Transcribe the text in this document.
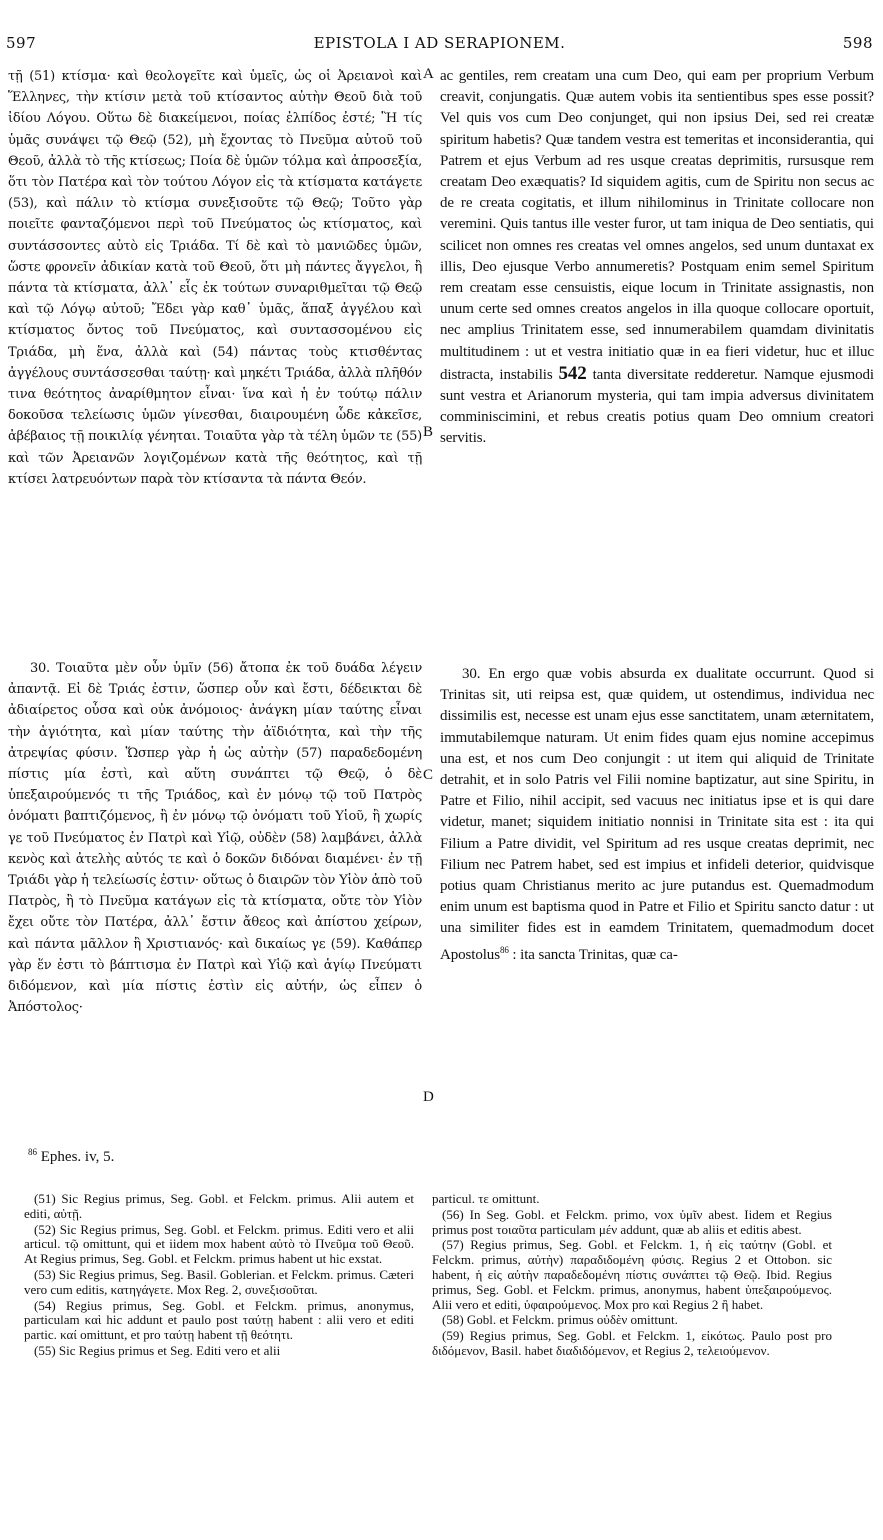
597	EPISTOLA I AD SERAPIONEM.	598

τῇ (51) κτίσμα· καὶ θεολογεῖτε καὶ ὑμεῖς, ὡς οἱ Ἀρειανοὶ καὶ Ἕλληνες, τὴν κτίσιν μετὰ τοῦ κτίσαντος αὐτὴν Θεοῦ διὰ τοῦ ἰδίου Λόγου. Οὕτω δὲ διακείμενοι, ποίας ἐλπίδος ἐστέ; Ἢ τίς ὑμᾶς συνάψει τῷ Θεῷ (52), μὴ ἔχοντας τὸ Πνεῦμα αὐτοῦ τοῦ Θεοῦ, ἀλλὰ τὸ τῆς κτίσεως; Ποία δὲ ὑμῶν τόλμα καὶ ἀπροσεξία, ὅτι τὸν Πατέρα καὶ τὸν τούτου Λόγον εἰς τὰ κτίσματα κατάγετε (53), καὶ πάλιν τὸ κτίσμα συνεξισοῦτε τῷ Θεῷ; Τοῦτο γὰρ ποιεῖτε φανταζόμενοι περὶ τοῦ Πνεύματος ὡς κτίσματος, καὶ συντάσσοντες αὐτὸ εἰς Τριάδα. Τί δὲ καὶ τὸ μανιῶδες ὑμῶν, ὥστε φρονεῖν ἀδικίαν κατὰ τοῦ Θεοῦ, ὅτι μὴ πάντες ἄγγελοι, ἢ πάντα τὰ κτίσματα, ἀλλ᾽ εἷς ἐκ τούτων συναριθμεῖται τῷ Θεῷ καὶ τῷ Λόγῳ αὐτοῦ; Ἔδει γὰρ καθ᾽ ὑμᾶς, ἅπαξ ἀγγέλου καὶ κτίσματος ὄντος τοῦ Πνεύματος, καὶ συντασσομένου εἰς Τριάδα, μὴ ἕνα, ἀλλὰ καὶ (54) πάντας τοὺς κτισθέντας ἀγγέλους συντάσσεσθαι ταύτῃ· καὶ μηκέτι Τριάδα, ἀλλὰ πλῆθόν τινα θεότητος ἀναρίθμητον εἶναι· ἵνα καὶ ἡ ἐν τούτῳ πάλιν δοκοῦσα τελείωσις ὑμῶν γίνεσθαι, διαιρουμένη ὧδε κἀκεῖσε, ἀβέβαιος τῇ ποικιλίᾳ γένηται. Τοιαῦτα γὰρ τὰ τέλη ὑμῶν τε (55) καὶ τῶν Ἀρειανῶν λογιζομένων κατὰ τῆς θεότητος, καὶ τῇ κτίσει λατρευόντων παρὰ τὸν κτίσαντα τὰ πάντα Θεόν.

30. Τοιαῦτα μὲν οὖν ὑμῖν (56) ἄτοπα ἐκ τοῦ δυάδα λέγειν ἀπαντᾷ. Εἰ δὲ Τριάς ἐστιν, ὥσπερ οὖν καὶ ἔστι, δέδεικται δὲ ἀδιαίρετος οὖσα καὶ οὐκ ἀνόμοιος· ἀνάγκη μίαν ταύτης εἶναι τὴν ἁγιότητα, καὶ μίαν ταύτης τὴν ἀϊδιότητα, καὶ τὴν τῆς ἀτρεψίας φύσιν. Ὥσπερ γὰρ ἡ ὡς αὐτὴν (57) παραδεδομένη πίστις μία ἐστὶ, καὶ αὕτη συνάπτει τῷ Θεῷ, ὁ δὲ ὑπεξαιρούμενός τι τῆς Τριάδος, καὶ ἐν μόνῳ τῷ τοῦ Πατρὸς ὀνόματι βαπτιζόμενος, ἢ ἐν μόνῳ τῷ ὀνόματι τοῦ Υἱοῦ, ἢ χωρίς γε τοῦ Πνεύματος ἐν Πατρὶ καὶ Υἱῷ, οὐδὲν (58) λαμβάνει, ἀλλὰ κενὸς καὶ ἀτελὴς αὐτός τε καὶ ὁ δοκῶν διδόναι διαμένει· ἐν τῇ Τριάδι γὰρ ἡ τελείωσίς ἐστιν· οὕτως ὁ διαιρῶν τὸν Υἱὸν ἀπὸ τοῦ Πατρὸς, ἢ τὸ Πνεῦμα κατάγων εἰς τὰ κτίσματα, οὔτε τὸν Υἱὸν ἔχει οὔτε τὸν Πατέρα, ἀλλ᾽ ἔστιν ἄθεος καὶ ἀπίστου χείρων, καὶ πάντα μᾶλλον ἢ Χριστιανός· καὶ δικαίως γε (59). Καθάπερ γὰρ ἕν ἐστι τὸ βάπτισμα ἐν Πατρὶ καὶ Υἱῷ καὶ ἁγίῳ Πνεύματι διδόμενον, καὶ μία πίστις ἐστὶν εἰς αὐτήν, ὡς εἶπεν ὁ Ἀπόστολος·

A
B
C
D

ac gentiles, rem creatam una cum Deo, qui eam per proprium Verbum creavit, conjungatis. Quæ autem vobis ita sentientibus spes esse possit? Vel quis vos cum Deo conjunget, qui non ipsius Dei, sed rei creatæ spiritum habetis? Quæ tandem vestra est temeritas et inconsiderantia, qui Patrem et ejus Verbum ad res usque creatas deprimitis, rursusque rem creatam Deo exæquatis? Id siquidem agitis, cum de Spiritu non secus ac de re creata cogitatis, et illum nihilominus in Trinitate collocare non veremini. Quis tantus ille vester furor, ut tam iniqua de Deo sentiatis, qui scilicet non omnes res creatas vel omnes angelos, sed unum duntaxat ex illis, Deo ejusque Verbo annumeretis? Postquam enim semel Spiritum rem creatam esse censuistis, eique locum in Trinitate assignastis, non unum certe sed omnes creatos angelos in illa quoque collocare oportuit, nec amplius Trinitatem esse, sed innumerabilem quamdam divinitatis multitudinem : ut et vestra initiatio quæ in ea fieri videtur, huc et illuc distracta, instabilis 542 tanta diversitate redderetur. Namque ejusmodi sunt vestra et Arianorum mysteria, qui tam impia adversus divinitatem comminiscimini, et rebus creatis potius quam Deo omnium creatori servitis.

30. En ergo quæ vobis absurda ex dualitate occurrunt. Quod si Trinitas sit, uti reipsa est, quæ quidem, ut ostendimus, individua nec dissimilis est, necesse est unam ejus esse sanctitatem, unam æternitatem, immutabilemque naturam. Ut enim fides quam ejus nomine accepimus una est, et nos cum Deo conjungit : ut item qui aliquid de Trinitate detrahit, et in solo Patris vel Filii nomine baptizatur, aut sine Spiritu, in Patre et Filio, nihil accipit, sed vacuus nec initiatus ipse et is qui dare videtur, manet; siquidem initiatio nonnisi in Trinitate sita est : ita qui Filium a Patre dividit, vel Spiritum ad res usque creatas deprimit, nec Filium nec Patrem habet, sed est impius et infideli deterior, quidvisque potius quam Christianus merito ac jure putandus est. Quemadmodum enim unum est baptisma quod in Patre et Filio et Spiritu sancto datur : ut una similiter fides est in eamdem Trinitatem, quemadmodum docet Apostolus$^{86}$ : ita sancta Trinitas, quæ ca-

$^{86}$ Ephes. iv, 5.

(51) Sic Regius primus, Seg. Gobl. et Felckm. primus. Alii autem et editi, αὐτῇ.

(52) Sic Regius primus, Seg. Gobl. et Felckm. primus. Editi vero et alii articul. τῷ omittunt, qui et iidem mox habent αὐτὸ τὸ Πνεῦμα τοῦ Θεοῦ. At Regius primus, Seg. Gobl. et Felckm. primus habent ut hic exstat.

(53) Sic Regius primus, Seg. Basil. Goblerian. et Felckm. primus. Cæteri vero cum editis, κατηγάγετε. Mox Reg. 2, συνεξισοῦται.

(54) Regius primus, Seg. Gobl. et Felckm. primus, anonymus, particulam καὶ hic addunt et paulo post ταύτῃ habent : alii vero et editi partic. καί omittunt, et pro ταύτῃ habent τῇ θεότητι.

(55) Sic Regius primus et Seg. Editi vero et alii

particul. τε omittunt.

(56) In Seg. Gobl. et Felckm. primo, vox ὑμῖν abest. Iidem et Regius primus post τοιαῦτα particulam μέν addunt, quæ ab aliis et editis abest.

(57) Regius primus, Seg. Gobl. et Felckm. 1, ἡ εἰς ταύτην (Gobl. et Felckm. primus, αὐτὴν) παραδιδομένη φύσις. Regius 2 et Ottobon. sic habent, ἡ εἰς αὐτὴν παραδεδομένη πίστις συνάπτει τῷ Θεῷ. Ibid. Regius primus, Seg. Gobl. et Felckm. primus, anonymus, habent ὑπεξαιρούμενος. Alii vero et editi, ὑφαιρούμενος. Mox pro καὶ Regius 2 ἢ habet.

(58) Gobl. et Felckm. primus οὐδὲν omittunt.

(59) Regius primus, Seg. Gobl. et Felckm. 1, εἰκότως. Paulo post pro διδόμενον, Basil. habet διαδιδόμενον, et Regius 2, τελειούμενον.
